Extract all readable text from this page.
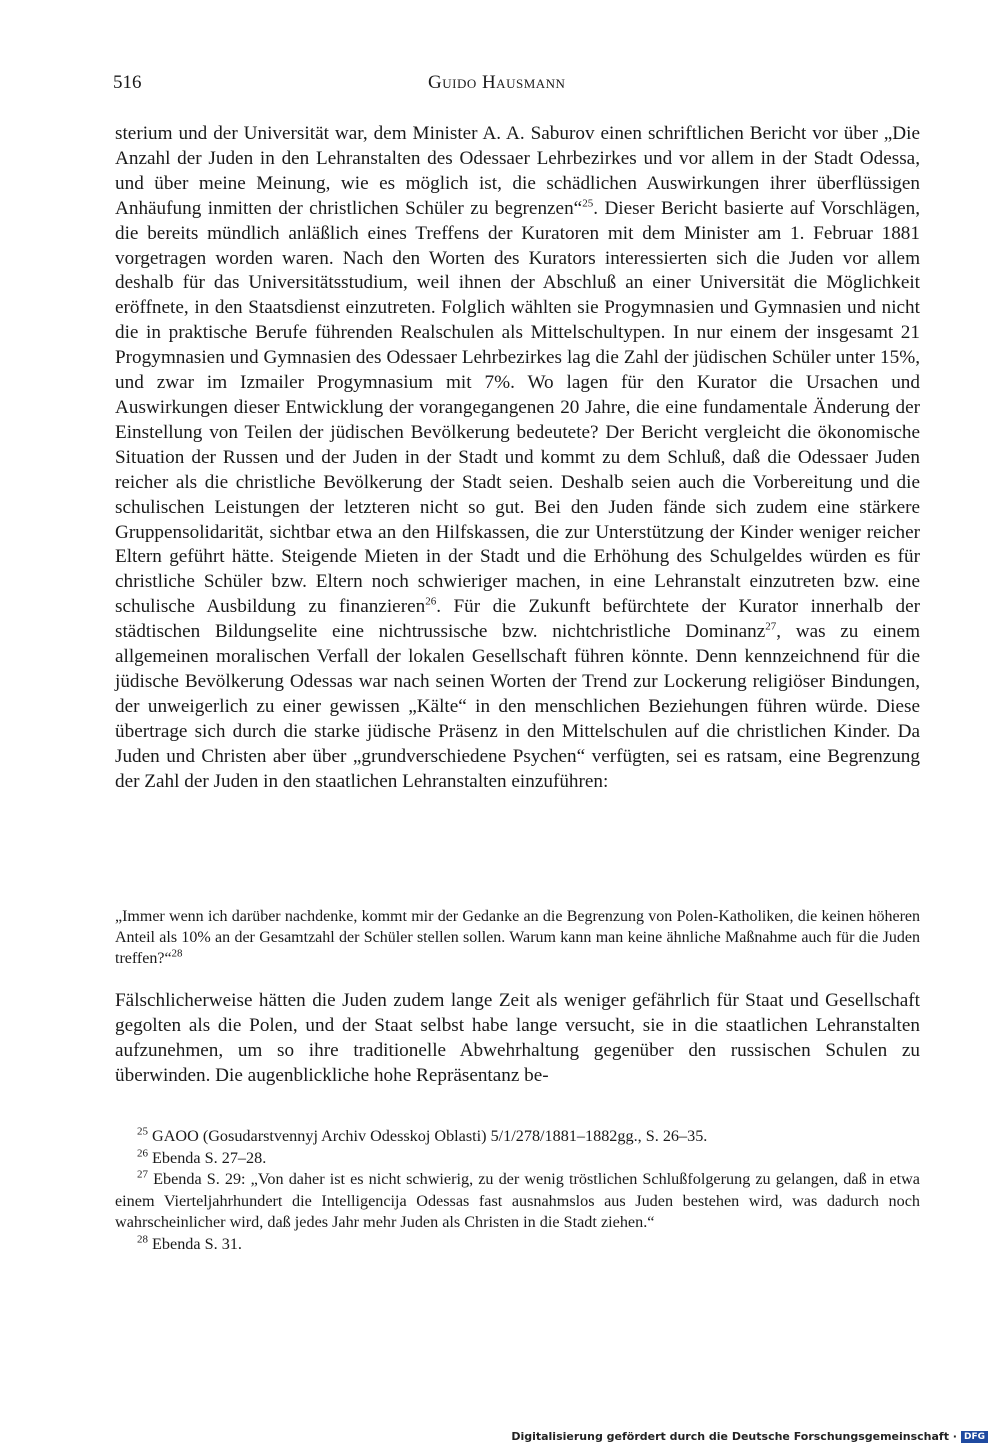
516	Guido Hausmann
sterium und der Universität war, dem Minister A. A. Saburov einen schriftlichen Bericht vor über „Die Anzahl der Juden in den Lehranstalten des Odessaer Lehrbezirkes und vor allem in der Stadt Odessa, und über meine Meinung, wie es möglich ist, die schädlichen Auswirkungen ihrer überflüssigen Anhäufung inmitten der christlichen Schüler zu begrenzen“$^{25}$. Dieser Bericht basierte auf Vorschlägen, die bereits mündlich anläßlich eines Treffens der Kuratoren mit dem Minister am 1. Februar 1881 vorgetragen worden waren. Nach den Worten des Kurators interessierten sich die Juden vor allem deshalb für das Universitätsstudium, weil ihnen der Abschluß an einer Universität die Möglichkeit eröffnete, in den Staatsdienst einzutreten. Folglich wählten sie Progymnasien und Gymnasien und nicht die in praktische Berufe führenden Realschulen als Mittelschultypen. In nur einem der insgesamt 21 Progymnasien und Gymnasien des Odessaer Lehrbezirkes lag die Zahl der jüdischen Schüler unter 15%, und zwar im Izmailer Progymnasium mit 7%. Wo lagen für den Kurator die Ursachen und Auswirkungen dieser Entwicklung der vorangegangenen 20 Jahre, die eine fundamentale Änderung der Einstellung von Teilen der jüdischen Bevölkerung bedeutete? Der Bericht vergleicht die ökonomische Situation der Russen und der Juden in der Stadt und kommt zu dem Schluß, daß die Odessaer Juden reicher als die christliche Bevölkerung der Stadt seien. Deshalb seien auch die Vorbereitung und die schulischen Leistungen der letzteren nicht so gut. Bei den Juden fände sich zudem eine stärkere Gruppensolidarität, sichtbar etwa an den Hilfskassen, die zur Unterstützung der Kinder weniger reicher Eltern geführt hätte. Steigende Mieten in der Stadt und die Erhöhung des Schulgeldes würden es für christliche Schüler bzw. Eltern noch schwieriger machen, in eine Lehranstalt einzutreten bzw. eine schulische Ausbildung zu finanzieren$^{26}$. Für die Zukunft befürchtete der Kurator innerhalb der städtischen Bildungselite eine nichtrussische bzw. nichtchristliche Dominanz$^{27}$, was zu einem allgemeinen moralischen Verfall der lokalen Gesellschaft führen könnte. Denn kennzeichnend für die jüdische Bevölkerung Odessas war nach seinen Worten der Trend zur Lockerung religiöser Bindungen, der unweigerlich zu einer gewissen „Kälte“ in den menschlichen Beziehungen führen würde. Diese übertrage sich durch die starke jüdische Präsenz in den Mittelschulen auf die christlichen Kinder. Da Juden und Christen aber über „grundverschiedene Psychen“ verfügten, sei es ratsam, eine Begrenzung der Zahl der Juden in den staatlichen Lehranstalten einzuführen:
„Immer wenn ich darüber nachdenke, kommt mir der Gedanke an die Begrenzung von Polen-Katholiken, die keinen höheren Anteil als 10% an der Gesamtzahl der Schüler stellen sollen. Warum kann man keine ähnliche Maßnahme auch für die Juden treffen?“$^{28}$
Fälschlicherweise hätten die Juden zudem lange Zeit als weniger gefährlich für Staat und Gesellschaft gegolten als die Polen, und der Staat selbst habe lange versucht, sie in die staatlichen Lehranstalten aufzunehmen, um so ihre traditionelle Abwehrhaltung gegenüber den russischen Schulen zu überwinden. Die augenblickliche hohe Repräsentanz be-

$^{25}$ GAOO (Gosudarstvennyj Archiv Odesskoj Oblasti) 5/1/278/1881–1882gg., S. 26–35.

$^{26}$ Ebenda S. 27–28.

$^{27}$ Ebenda S. 29: „Von daher ist es nicht schwierig, zu der wenig tröstlichen Schlußfolgerung zu gelangen, daß in etwa einem Vierteljahrhundert die Intelligencija Odessas fast ausnahmslos aus Juden bestehen wird, was dadurch noch wahrscheinlicher wird, daß jedes Jahr mehr Juden als Christen in die Stadt ziehen.“

$^{28}$ Ebenda S. 31.

Digitalisierung gefördert durch die Deutsche Forschungsgemeinschaft · DFG
